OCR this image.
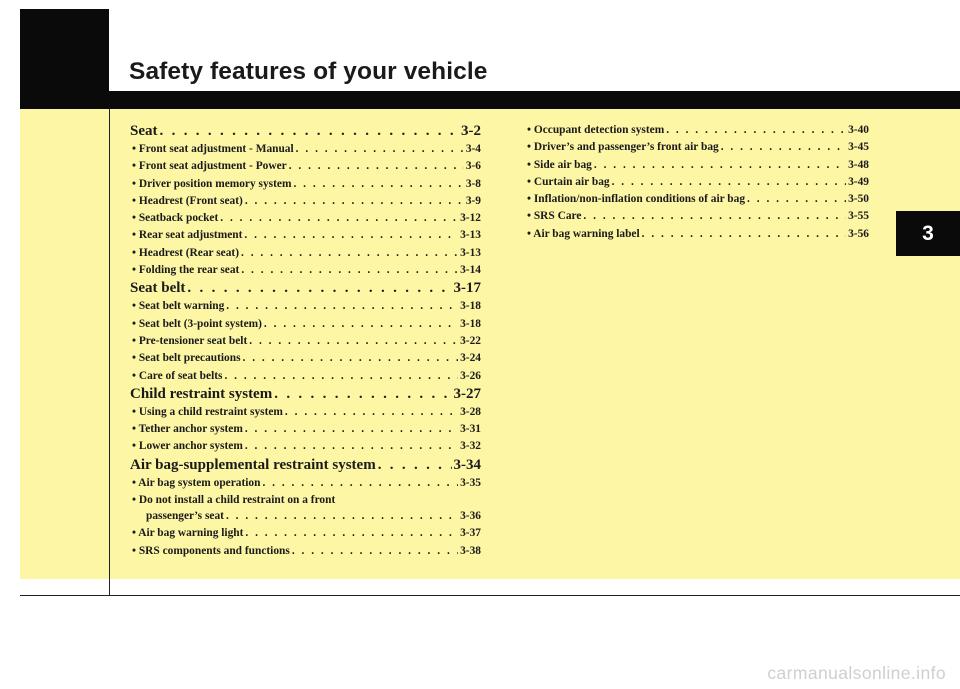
Safety features of your vehicle
3
Seat . . .	3-2
• Front seat adjustment - Manual . . .	3-4
• Front seat adjustment - Power . . .	3-6
• Driver position memory system . . .	3-8
• Headrest (Front seat) . . .	3-9
• Seatback pocket . . .	3-12
• Rear seat adjustment . . .	3-13
• Headrest (Rear seat) . . .	3-13
• Folding the rear seat . . .	3-14
Seat belt . . .	3-17
• Seat belt warning . . .	3-18
• Seat belt (3-point system) . . .	3-18
• Pre-tensioner seat belt . . .	3-22
• Seat belt precautions . . .	3-24
• Care of seat belts . . .	3-26
Child restraint system . . .	3-27
• Using a child restraint system . . .	3-28
• Tether anchor system . . .	3-31
• Lower anchor system . . .	3-32
Air bag-supplemental restraint system . . .	3-34
• Air bag system operation . . .	3-35
• Do not install a child restraint on a front
passenger’s seat . . .	3-36
• Air bag warning light . . .	3-37
• SRS components and functions . . .	3-38
• Occupant detection system . . .	3-40
• Driver’s and passenger’s front air bag . . .	3-45
• Side air bag . . .	3-48
• Curtain air bag . . .	3-49
• Inflation/non-inflation conditions of air bag . . .	3-50
• SRS Care . . .	3-55
• Air bag warning label . . .	3-56
carmanualsonline.info
